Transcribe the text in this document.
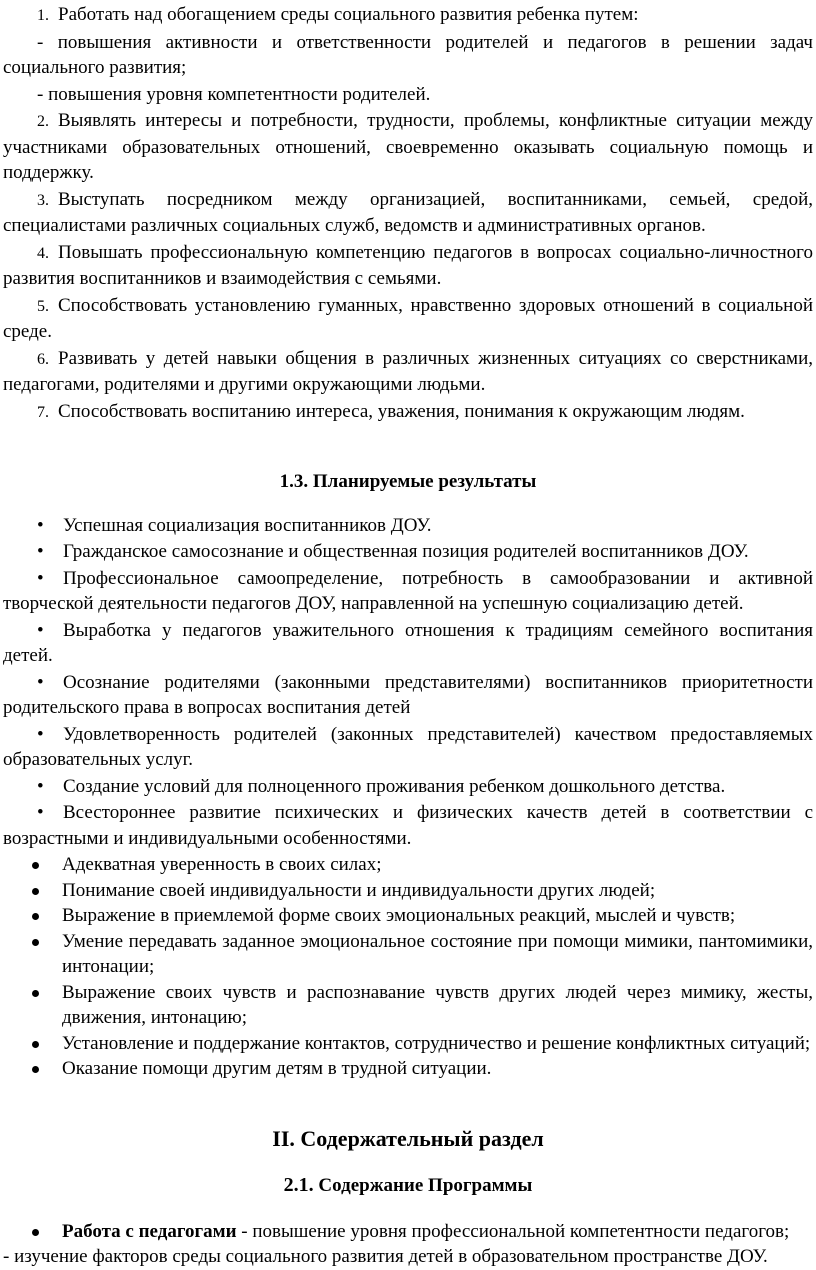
1. Работать над обогащением среды социального развития ребенка путем:

- повышения активности и ответственности родителей и педагогов в решении задач социального развития;

- повышения уровня компетентности родителей.

2. Выявлять интересы и потребности, трудности, проблемы, конфликтные ситуации между участниками образовательных отношений, своевременно оказывать социальную помощь и поддержку.

3. Выступать посредником между организацией, воспитанниками, семьей, средой, специалистами различных социальных служб, ведомств и административных органов.

4. Повышать профессиональную компетенцию педагогов в вопросах социально-личностного развития воспитанников и взаимодействия с семьями.

5. Способствовать установлению гуманных, нравственно здоровых отношений в социальной среде.

6. Развивать у детей навыки общения в различных жизненных ситуациях со сверстниками, педагогами, родителями и другими окружающими людьми.

7. Способствовать воспитанию интереса, уважения, понимания к окружающим людям.

1.3. Планируемые результаты

• Успешная социализация воспитанников ДОУ.

• Гражданское самосознание и общественная позиция родителей воспитанников ДОУ.

• Профессиональное самоопределение, потребность в самообразовании и активной творческой деятельности педагогов ДОУ, направленной на успешную социализацию детей.

• Выработка у педагогов уважительного отношения к традициям семейного воспитания детей.

• Осознание родителями (законными представителями) воспитанников приоритетности родительского права в вопросах воспитания детей

• Удовлетворенность родителей (законных представителей) качеством предоставляемых образовательных услуг.

• Создание условий для полноценного проживания ребенком дошкольного детства.

• Всестороннее развитие психических и физических качеств детей в соответствии с возрастными и индивидуальными особенностями.

Адекватная уверенность в своих силах;
Понимание своей индивидуальности и индивидуальности других людей;
Выражение в приемлемой форме своих эмоциональных реакций, мыслей и чувств;
Умение передавать заданное эмоциональное состояние при помощи мимики, пантомимики, интонации;
Выражение своих чувств и распознавание чувств других людей через мимику, жесты, движения, интонацию;
Установление и поддержание контактов, сотрудничество и решение конфликтных ситуаций;
Оказание помощи другим детям в трудной ситуации.

II. Содержательный раздел

2.1. Содержание Программы

Работа с педагогами - повышение уровня профессиональной компетентности педагогов;

- изучение факторов среды социального развития детей в образовательном пространстве ДОУ.
